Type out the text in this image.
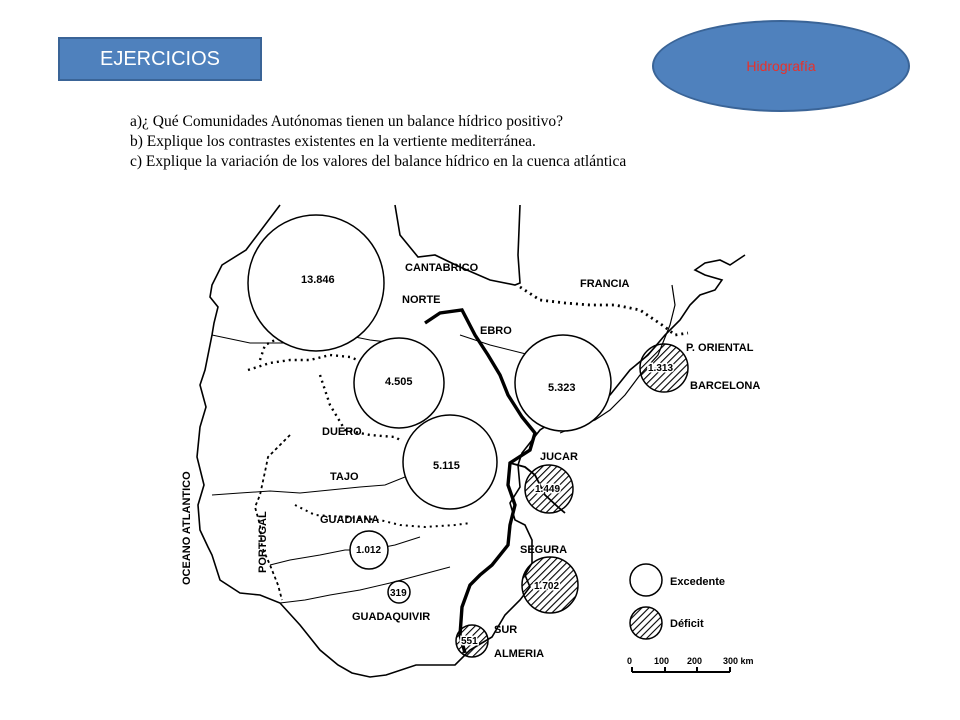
EJERCICIOS	Hidrografía
a)¿ Qué Comunidades Autónomas tienen un balance hídrico positivo?
b) Explique los contrastes existentes en la vertiente mediterránea.
c) Explique la variación de los valores del balance hídrico en la cuenca atlántica
13.846
4.505	5.323
5.115
1.313
1.449
1.012
319
1.702
551
CANTABRICO
NORTE
FRANCIA
EBRO
P. ORIENTAL
BARCELONA
DUERO
TAJO
JUCAR
GUADIANA
SEGURA
GUADAQUIVIR
SUR
ALMERIA
PORTUGAL
OCEANO ATLANTICO	Excedente
Déficit
0 100 200 300 km
